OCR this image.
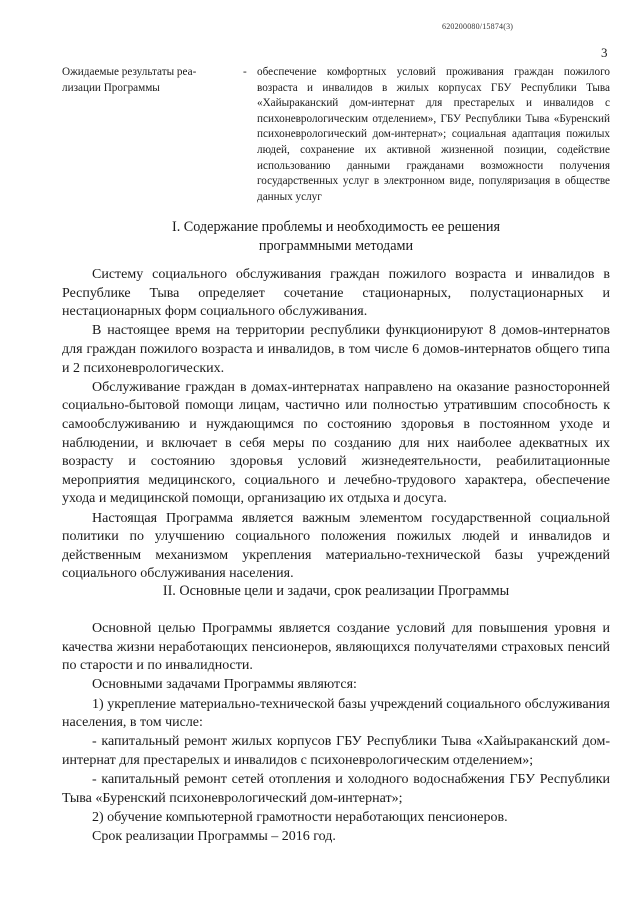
620200080/15874(3)
3
Ожидаемые результаты реа-
лизации Программы
- обеспечение комфортных условий проживания граждан пожилого возраста и инвалидов в жилых корпусах ГБУ Республики Тыва «Хайыраканский дом-интернат для престарелых и инвалидов с психоневрологическим отделением», ГБУ Республики Тыва «Буренский психоневрологический дом-интернат»; социальная адаптация пожилых людей, сохранение их активной жизненной позиции, содействие использованию данными гражданами возможности получения государственных услуг в электронном виде, популяризация в обществе данных услуг

I. Содержание проблемы и необходимость ее решения
программными методами

Систему социального обслуживания граждан пожилого возраста и инвалидов в Республике Тыва определяет сочетание стационарных, полустационарных и нестационарных форм социального обслуживания.

В настоящее время на территории республики функционируют 8 домов-интернатов для граждан пожилого возраста и инвалидов, в том числе 6 домов-интернатов общего типа и 2 психоневрологических.

Обслуживание граждан в домах-интернатах направлено на оказание разносторонней социально-бытовой помощи лицам, частично или полностью утратившим способность к самообслуживанию и нуждающимся по состоянию здоровья в постоянном уходе и наблюдении, и включает в себя меры по созданию для них наиболее адекватных их возрасту и состоянию здоровья условий жизнедеятельности, реабилитационные мероприятия медицинского, социального и лечебно-трудового характера, обеспечение ухода и медицинской помощи, организацию их отдыха и досуга.

Настоящая Программа является важным элементом государственной социальной политики по улучшению социального положения пожилых людей и инвалидов и действенным механизмом укрепления материально-технической базы учреждений социального обслуживания населения.

II. Основные цели и задачи, срок реализации Программы

Основной целью Программы является создание условий для повышения уровня и качества жизни неработающих пенсионеров, являющихся получателями страховых пенсий по старости и по инвалидности.

Основными задачами Программы являются:

1) укрепление материально-технической базы учреждений социального обслуживания населения, в том числе:

- капитальный ремонт жилых корпусов ГБУ Республики Тыва «Хайыраканский дом-интернат для престарелых и инвалидов с психоневрологическим отделением»;

- капитальный ремонт сетей отопления и холодного водоснабжения ГБУ Республики Тыва «Буренский психоневрологический дом-интернат»;

2) обучение компьютерной грамотности неработающих пенсионеров.

Срок реализации Программы – 2016 год.
